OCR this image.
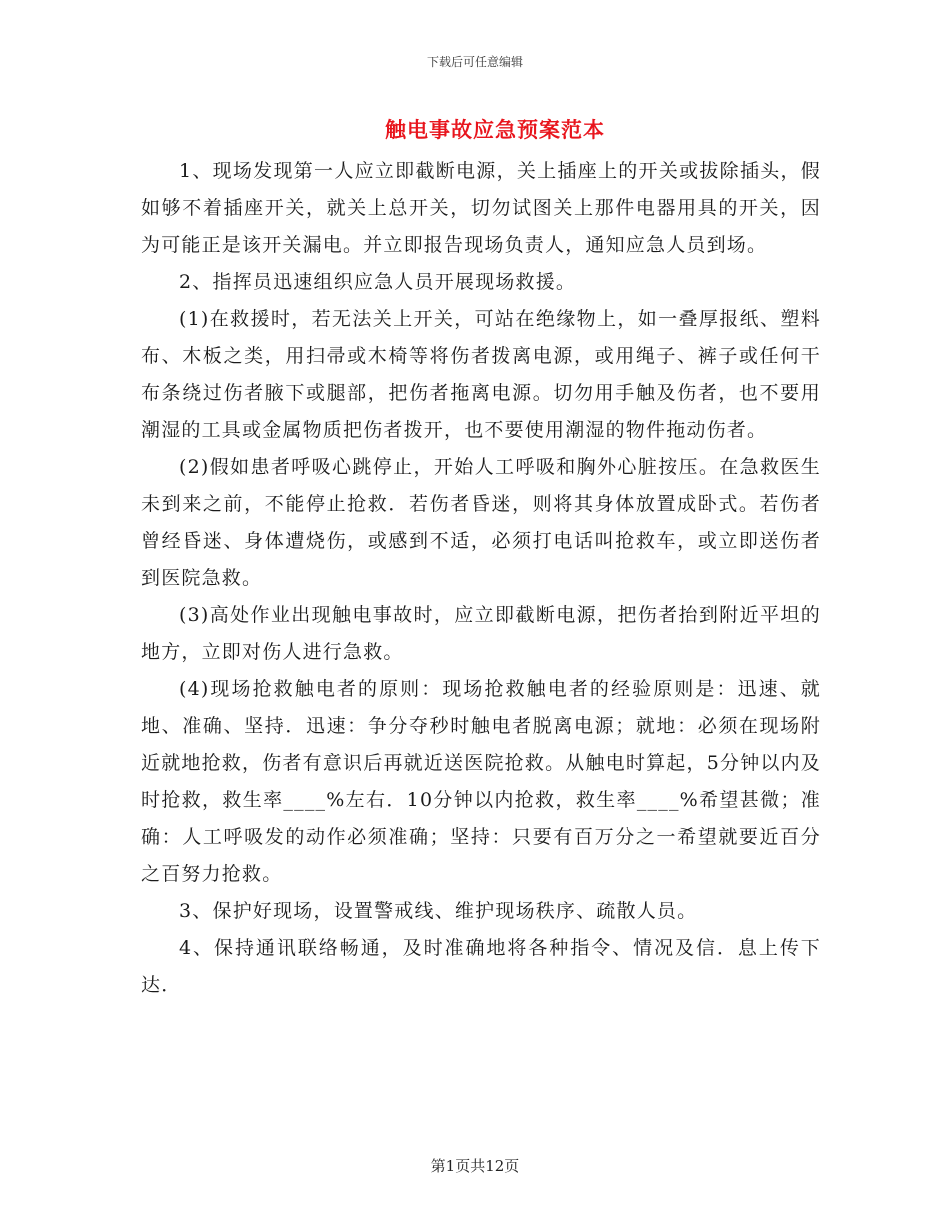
下载后可任意编辑
触电事故应急预案范本

1、现场发现第一人应立即截断电源，关上插座上的开关或拔除插头，假如够不着插座开关，就关上总开关，切勿试图关上那件电器用具的开关，因为可能正是该开关漏电。并立即报告现场负责人，通知应急人员到场。

2、指挥员迅速组织应急人员开展现场救援。

(1)在救援时，若无法关上开关，可站在绝缘物上，如一叠厚报纸、塑料布、木板之类，用扫帚或木椅等将伤者拨离电源，或用绳子、裤子或任何干布条绕过伤者腋下或腿部，把伤者拖离电源。切勿用手触及伤者，也不要用潮湿的工具或金属物质把伤者拨开，也不要使用潮湿的物件拖动伤者。

(2)假如患者呼吸心跳停止，开始人工呼吸和胸外心脏按压。在急救医生未到来之前，不能停止抢救．若伤者昏迷，则将其身体放置成卧式。若伤者曾经昏迷、身体遭烧伤，或感到不适，必须打电话叫抢救车，或立即送伤者到医院急救。

(3)高处作业出现触电事故时，应立即截断电源，把伤者抬到附近平坦的地方，立即对伤人进行急救。

(4)现场抢救触电者的原则：现场抢救触电者的经验原则是：迅速、就地、准确、坚持．迅速：争分夺秒时触电者脱离电源；就地：必须在现场附近就地抢救，伤者有意识后再就近送医院抢救。从触电时算起，5分钟以内及时抢救，救生率____%左右．10分钟以内抢救，救生率____%希望甚微；准确：人工呼吸发的动作必须准确；坚持：只要有百万分之一希望就要近百分之百努力抢救。

3、保护好现场，设置警戒线、维护现场秩序、疏散人员。

4、保持通讯联络畅通，及时准确地将各种指令、情况及信．息上传下达．

第1页共12页
